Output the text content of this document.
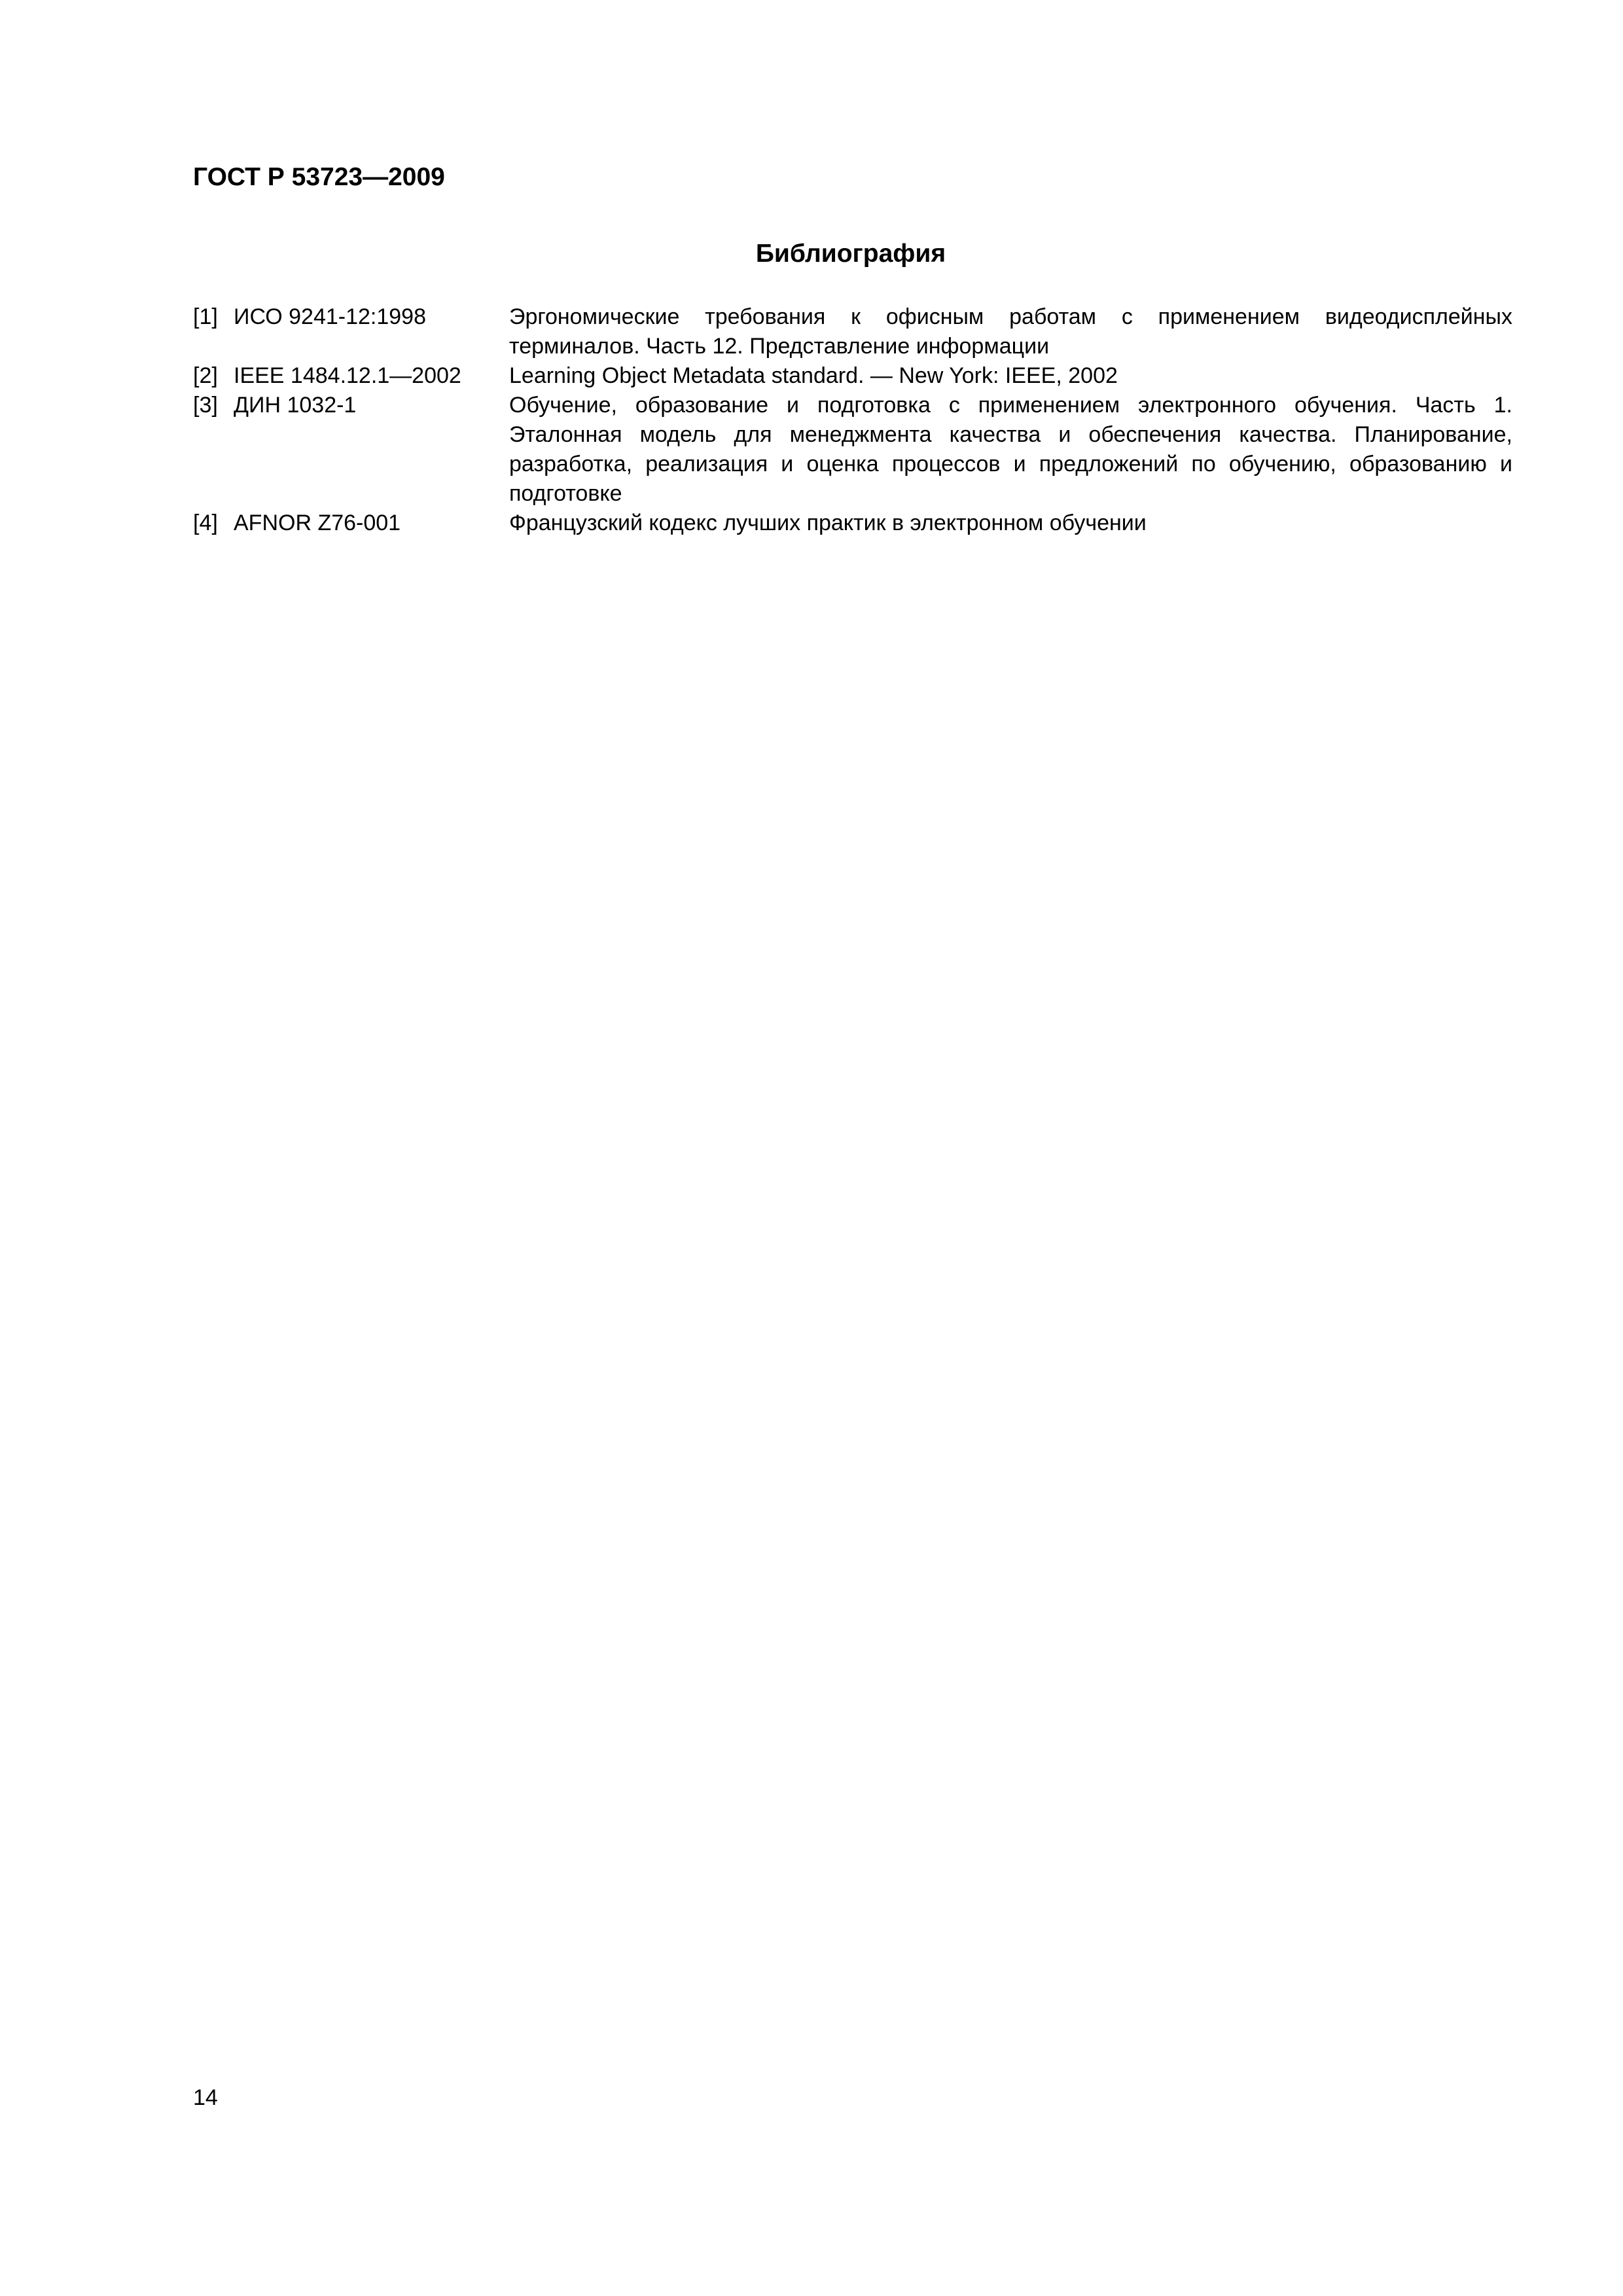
ГОСТ Р 53723—2009
Библиография
[1] ИСО 9241-12:1998	Эргономические требования к офисным работам с применением видеодисплейных терминалов. Часть 12. Представление информации
[2] IEEE 1484.12.1—2002	Learning Object Metadata standard. — New York: IEEE, 2002
[3] ДИН 1032-1	Обучение, образование и подготовка с применением электронного обучения. Часть 1. Эталонная модель для менеджмента качества и обеспечения качества. Планирование, разработка, реализация и оценка процессов и предложений по обучению, образованию и подготовке
[4] AFNOR Z76-001	Французский кодекс лучших практик в электронном обучении
14
